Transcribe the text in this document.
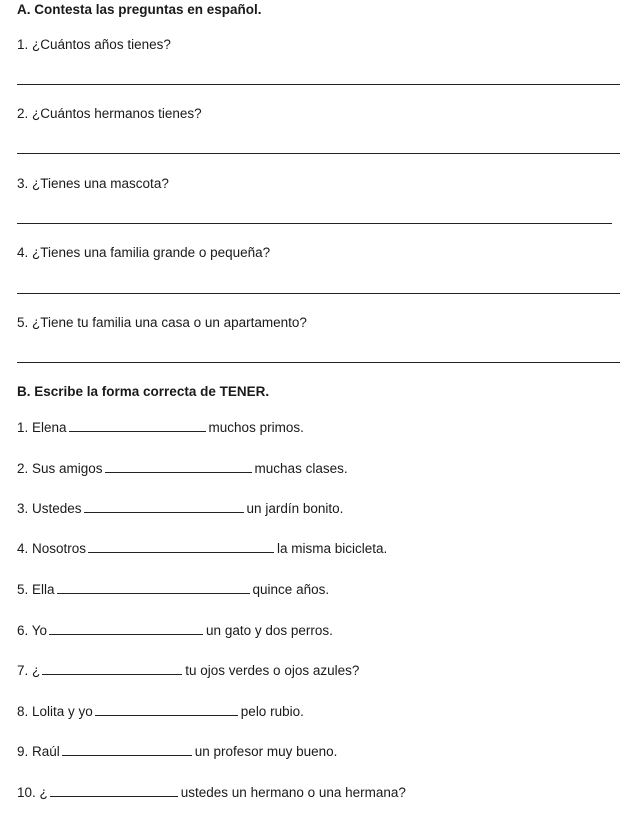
A. Contesta las preguntas en español.
1. ¿Cuántos años tienes?
2. ¿Cuántos hermanos tienes?
3. ¿Tienes una mascota?
4. ¿Tienes una familia grande o pequeña?
5. ¿Tiene tu familia una casa o un apartamento?
B. Escribe la forma correcta de TENER.
1. Elena	muchos primos.
2. Sus amigos	muchas clases.
3. Ustedes	un jardín bonito.
4. Nosotros	la misma bicicleta.
5. Ella	quince años.
6. Yo	un gato y dos perros.
7. ¿	tu ojos verdes o ojos azules?
8. Lolita y yo	pelo rubio.
9. Raúl	un profesor muy bueno.
10. ¿	ustedes un hermano o una hermana?
